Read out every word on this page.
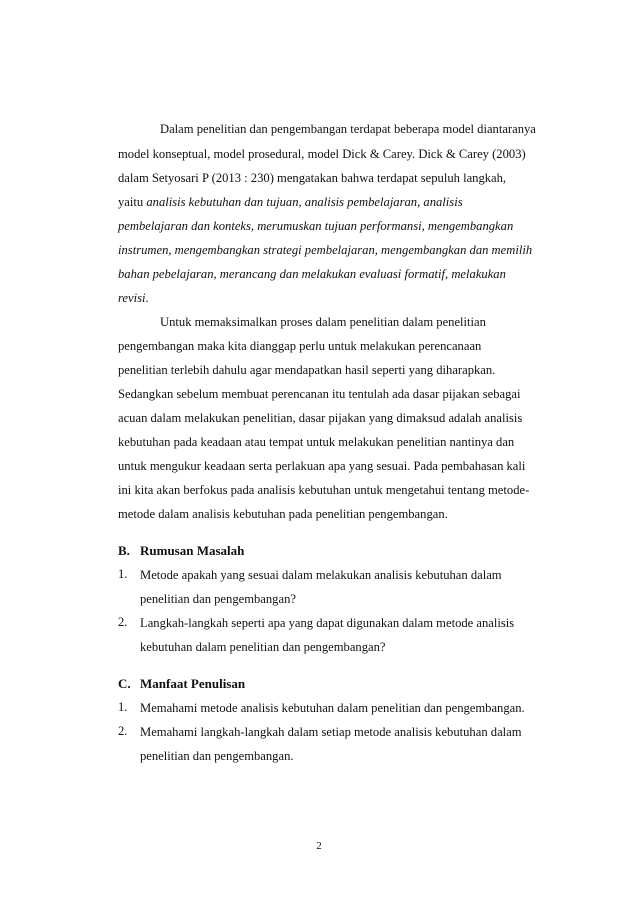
Dalam penelitian dan pengembangan terdapat beberapa model diantaranya
model konseptual, model prosedural, model Dick & Carey. Dick & Carey (2003)
dalam Setyosari P (2013 : 230) mengatakan bahwa terdapat sepuluh langkah,
yaitu analisis kebutuhan dan tujuan, analisis pembelajaran, analisis
pembelajaran dan konteks, merumuskan tujuan performansi, mengembangkan
instrumen, mengembangkan strategi pembelajaran, mengembangkan dan memilih
bahan pebelajaran, merancang dan melakukan evaluasi formatif, melakukan
revisi.
Untuk memaksimalkan proses dalam penelitian dalam penelitian
pengembangan maka kita dianggap perlu untuk melakukan perencanaan
penelitian terlebih dahulu agar mendapatkan hasil seperti yang diharapkan.
Sedangkan sebelum membuat perencanan itu tentulah ada dasar pijakan sebagai
acuan dalam melakukan penelitian, dasar pijakan yang dimaksud adalah analisis
kebutuhan pada keadaan atau tempat untuk melakukan penelitian nantinya dan
untuk mengukur keadaan serta perlakuan apa yang sesuai. Pada pembahasan kali
ini kita akan berfokus pada analisis kebutuhan untuk mengetahui tentang metode-
metode dalam analisis kebutuhan pada penelitian pengembangan.
B. Rumusan Masalah
1. Metode apakah yang sesuai dalam melakukan analisis kebutuhan dalam
penelitian dan pengembangan?
2. Langkah-langkah seperti apa yang dapat digunakan dalam metode analisis
kebutuhan dalam penelitian dan pengembangan?
C. Manfaat Penulisan
1. Memahami metode analisis kebutuhan dalam penelitian dan pengembangan.
2. Memahami langkah-langkah dalam setiap metode analisis kebutuhan dalam
penelitian dan pengembangan.
2
